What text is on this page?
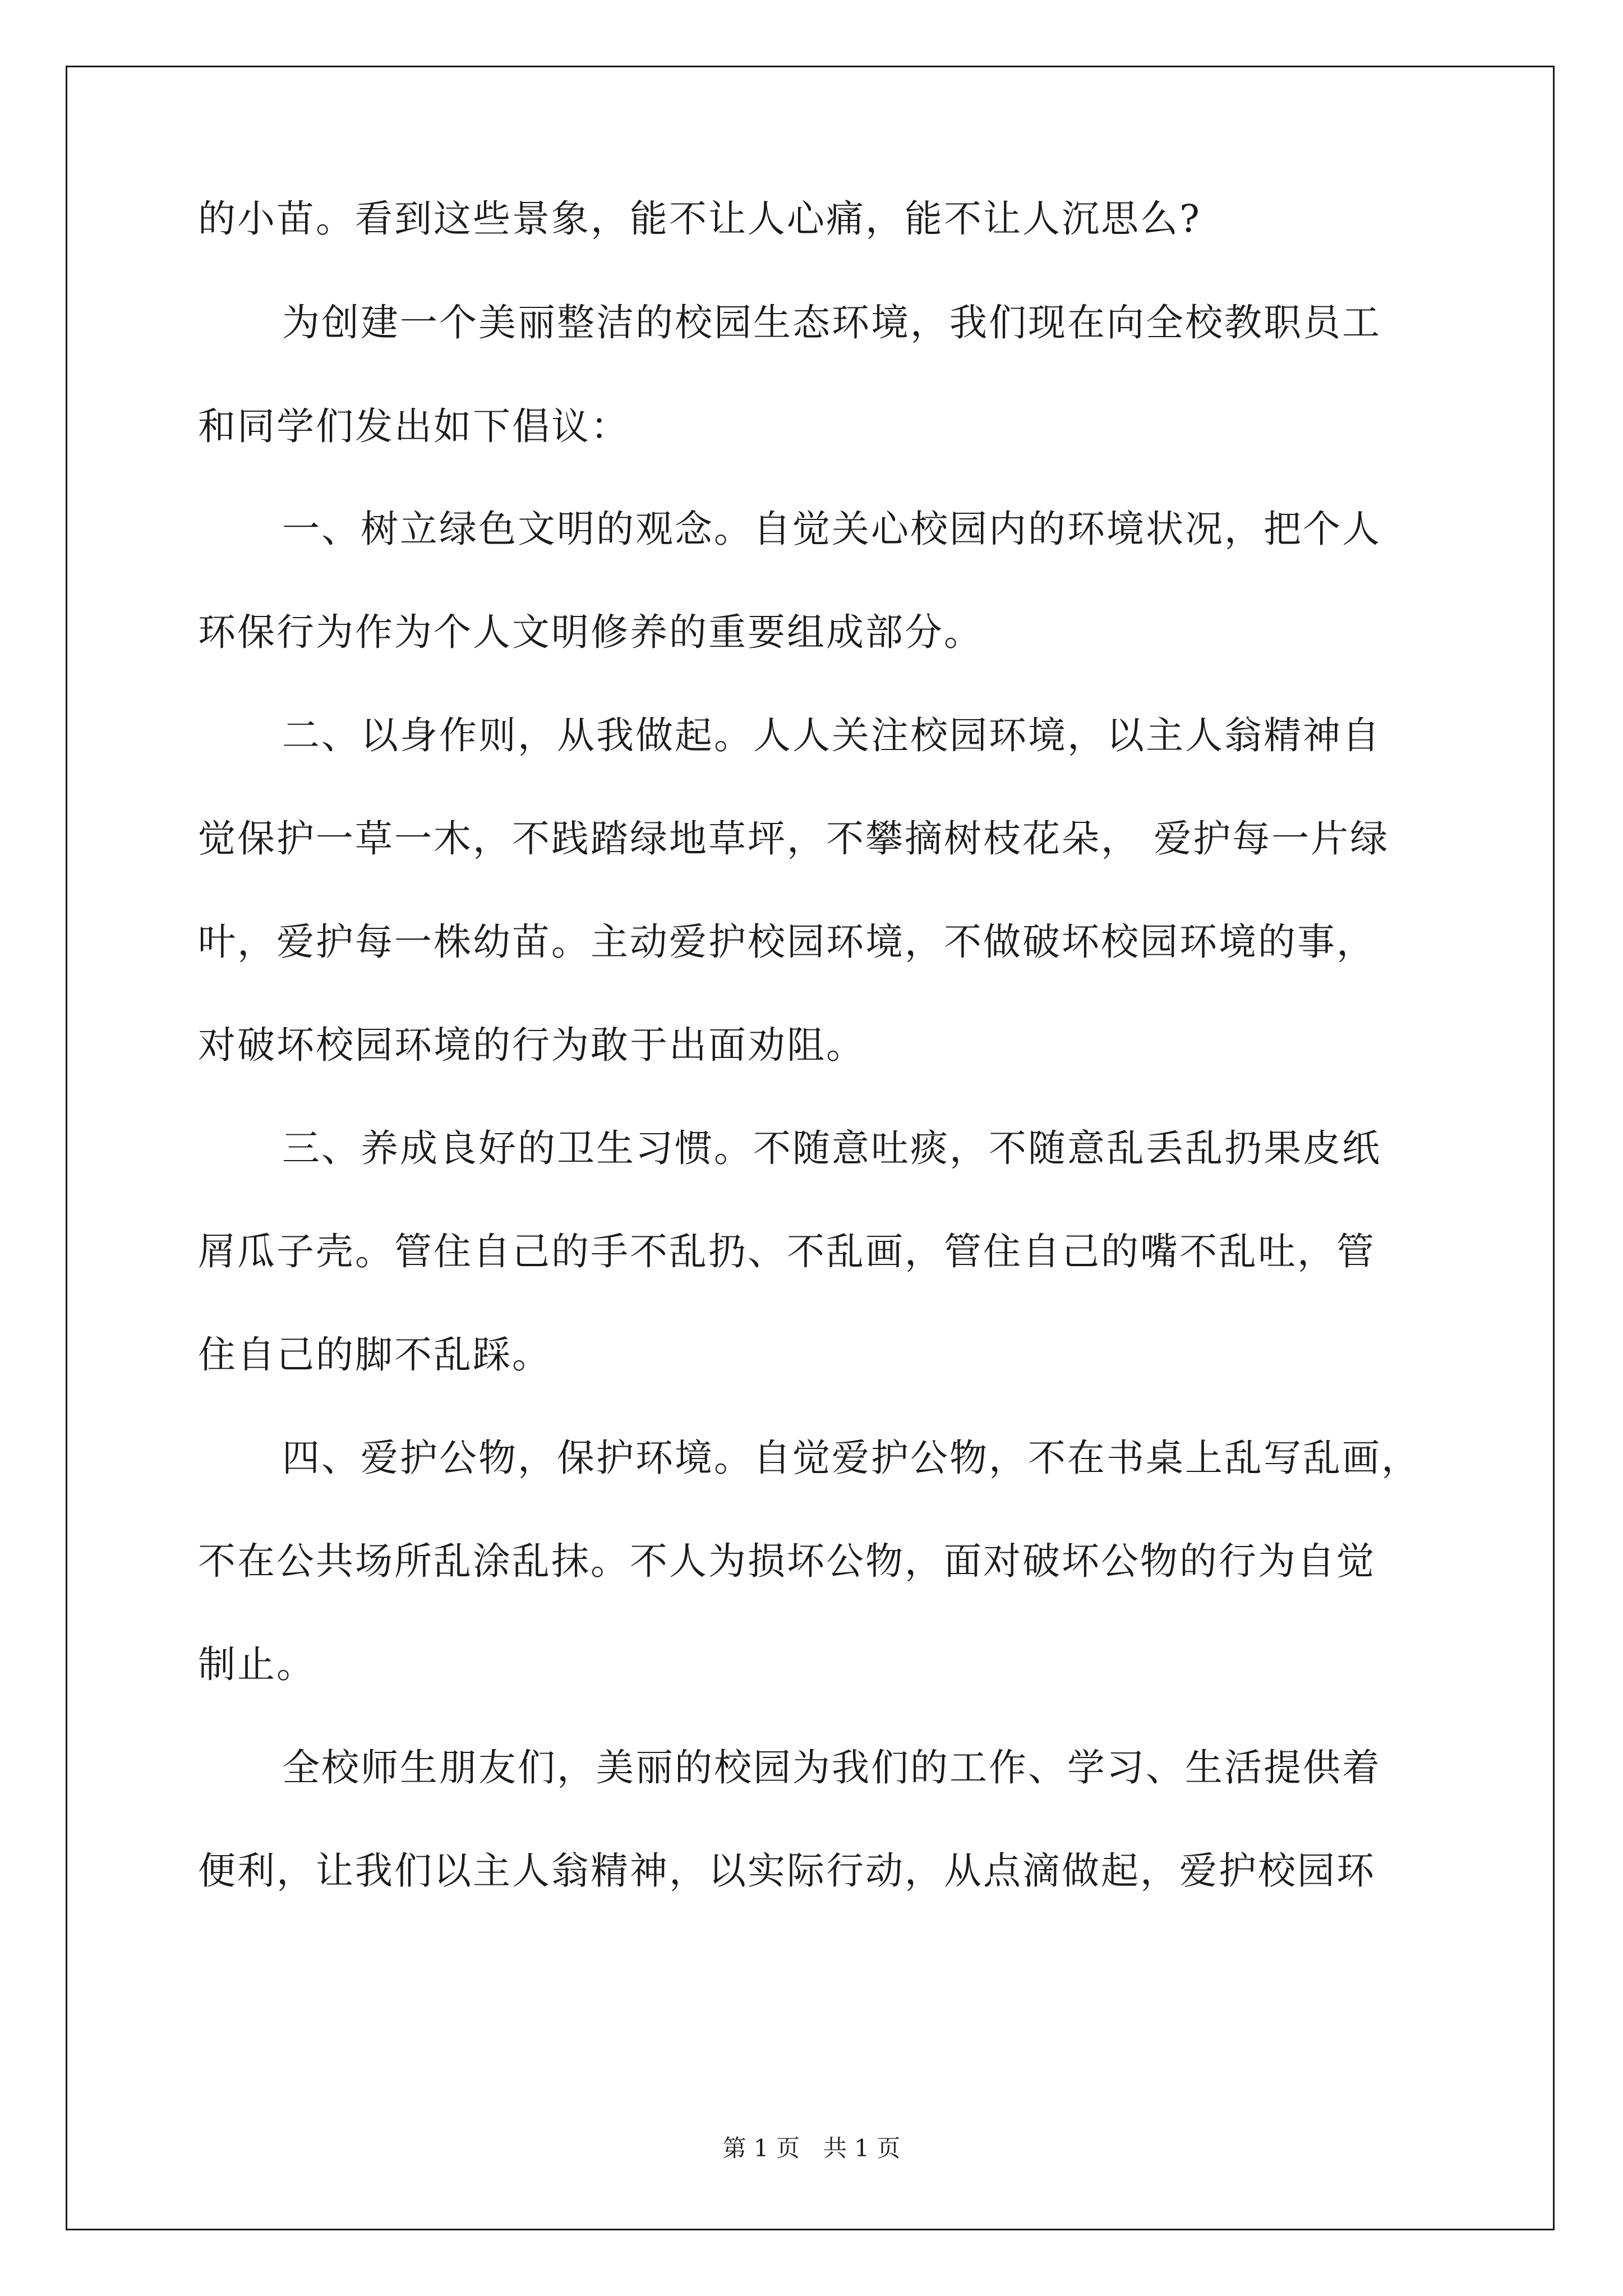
的小苗。看到这些景象，能不让人心痛，能不让人沉思么?
为创建一个美丽整洁的校园生态环境，我们现在向全校教职员工
和同学们发出如下倡议：
一、树立绿色文明的观念。自觉关心校园内的环境状况，把个人
环保行为作为个人文明修养的重要组成部分。
二、以身作则，从我做起。人人关注校园环境，以主人翁精神自
觉保护一草一木，不践踏绿地草坪，不攀摘树枝花朵， 爱护每一片绿
叶，爱护每一株幼苗。主动爱护校园环境，不做破坏校园环境的事，
对破坏校园环境的行为敢于出面劝阻。
三、养成良好的卫生习惯。不随意吐痰，不随意乱丢乱扔果皮纸
屑瓜子壳。管住自己的手不乱扔、不乱画，管住自己的嘴不乱吐，管
住自己的脚不乱踩。
四、爱护公物，保护环境。自觉爱护公物，不在书桌上乱写乱画，
不在公共场所乱涂乱抹。不人为损坏公物，面对破坏公物的行为自觉
制止。
全校师生朋友们，美丽的校园为我们的工作、学习、生活提供着
便利，让我们以主人翁精神，以实际行动，从点滴做起，爱护校园环
第 1 页　共 1 页
